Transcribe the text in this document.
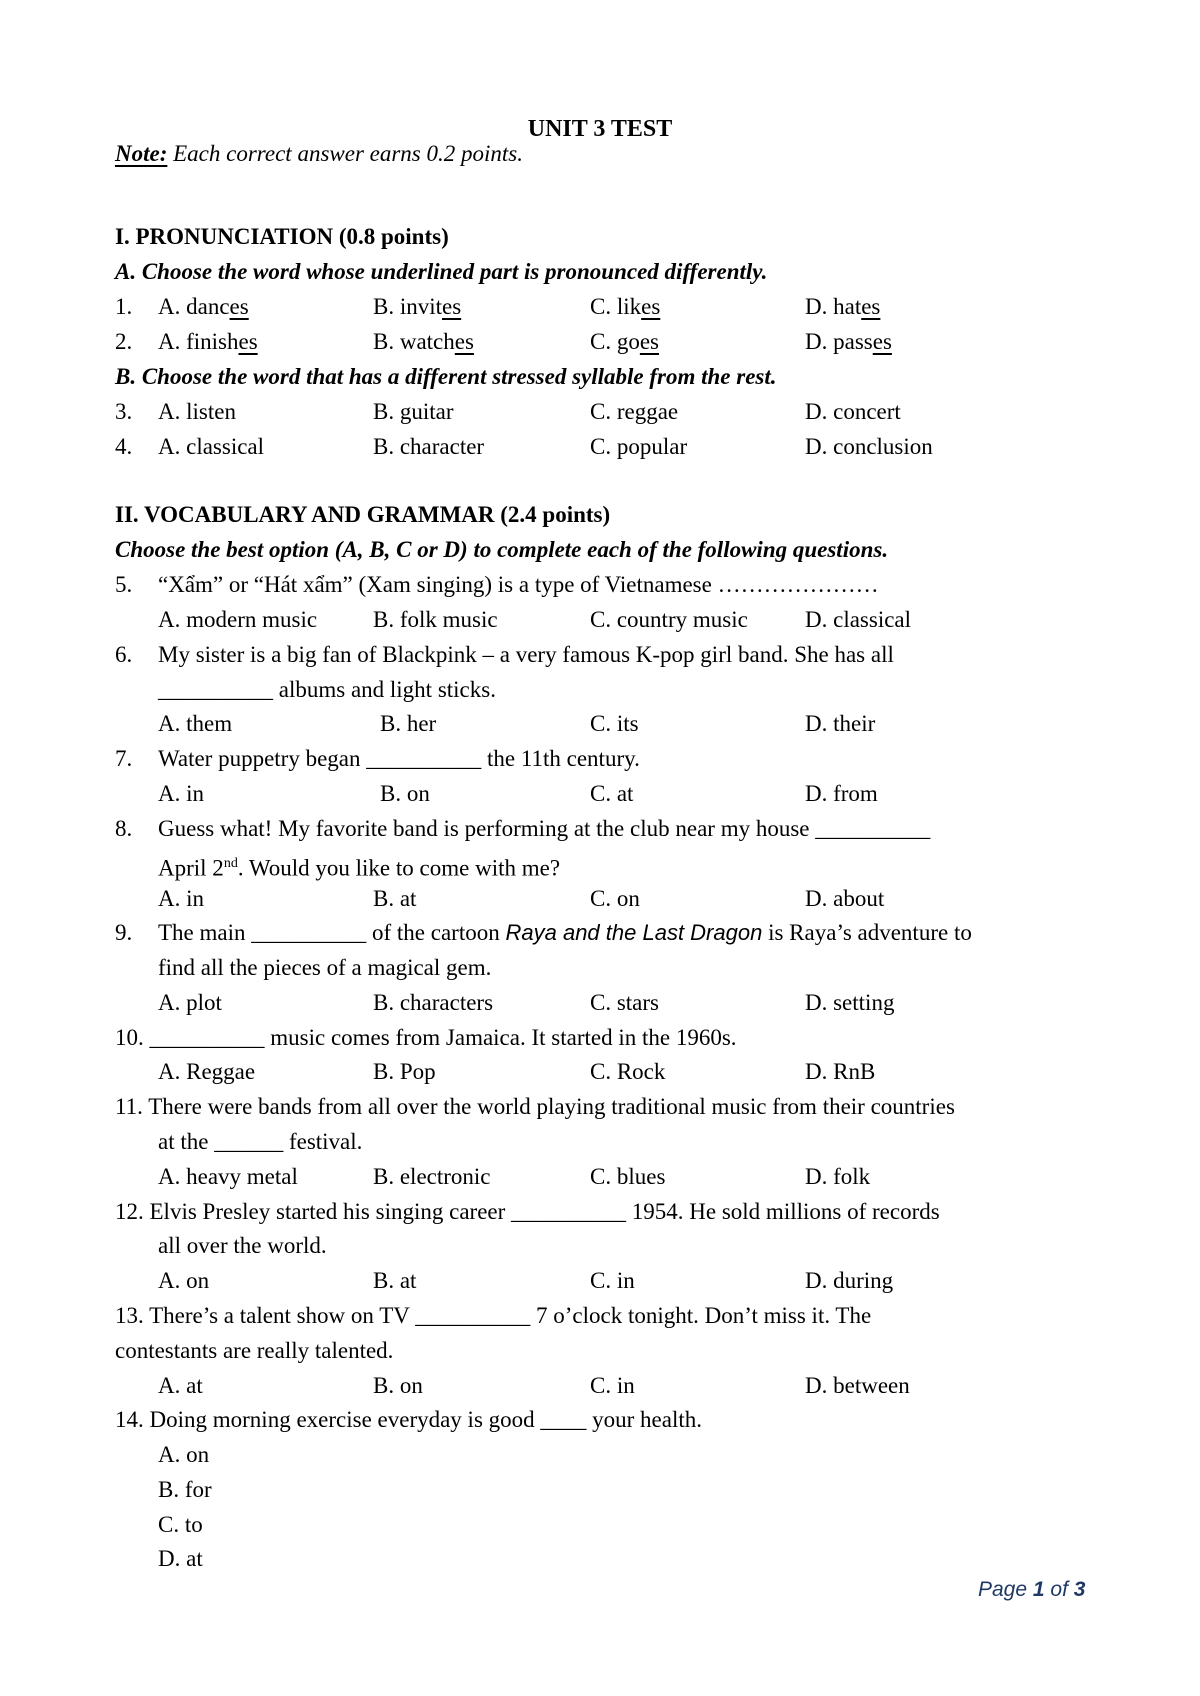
UNIT 3 TEST
Note: Each correct answer earns 0.2 points.
I. PRONUNCIATION (0.8 points)
A. Choose the word whose underlined part is pronounced differently.
1. A. dances	B. invites	C. likes	D. hates
2. A. finishes	B. watches	C. goes	D. passes
B. Choose the word that has a different stressed syllable from the rest.
3. A. listen	B. guitar	C. reggae	D. concert
4. A. classical	B. character	C. popular	D. conclusion
II. VOCABULARY AND GRAMMAR (2.4 points)
Choose the best option (A, B, C or D) to complete each of the following questions.
5. “Xẩm” or “Hát xẩm” (Xam singing) is a type of Vietnamese …………………
A. modern music B. folk music	C. country music D. classical
6. My sister is a big fan of Blackpink – a very famous K-pop girl band. She has all
__________ albums and light sticks.
A. them	B. her	C. its	D. their
7. Water puppetry began __________ the 11th century.
A. in	B. on	C. at	D. from
8. Guess what! My favorite band is performing at the club near my house __________
April 2nd. Would you like to come with me?
A. in	B. at	C. on	D. about
9. The main __________ of the cartoon Raya and the Last Dragon is Raya’s adventure to
find all the pieces of a magical gem.
A. plot	B. characters	C. stars	D. setting
10. __________ music comes from Jamaica. It started in the 1960s.
A. Reggae	B. Pop	C. Rock	D. RnB
11. There were bands from all over the world playing traditional music from their countries
at the ______ festival.
A. heavy metal	B. electronic	C. blues	D. folk
12. Elvis Presley started his singing career __________ 1954. He sold millions of records
all over the world.
A. on	B. at	C. in	D. during
13. There’s a talent show on TV __________ 7 o’clock tonight. Don’t miss it. The
contestants are really talented.
A. at	B. on	C. in	D. between
14. Doing morning exercise everyday is good ____ your health.
A. on
B. for
C. to
D. at
Page 1 of 3
